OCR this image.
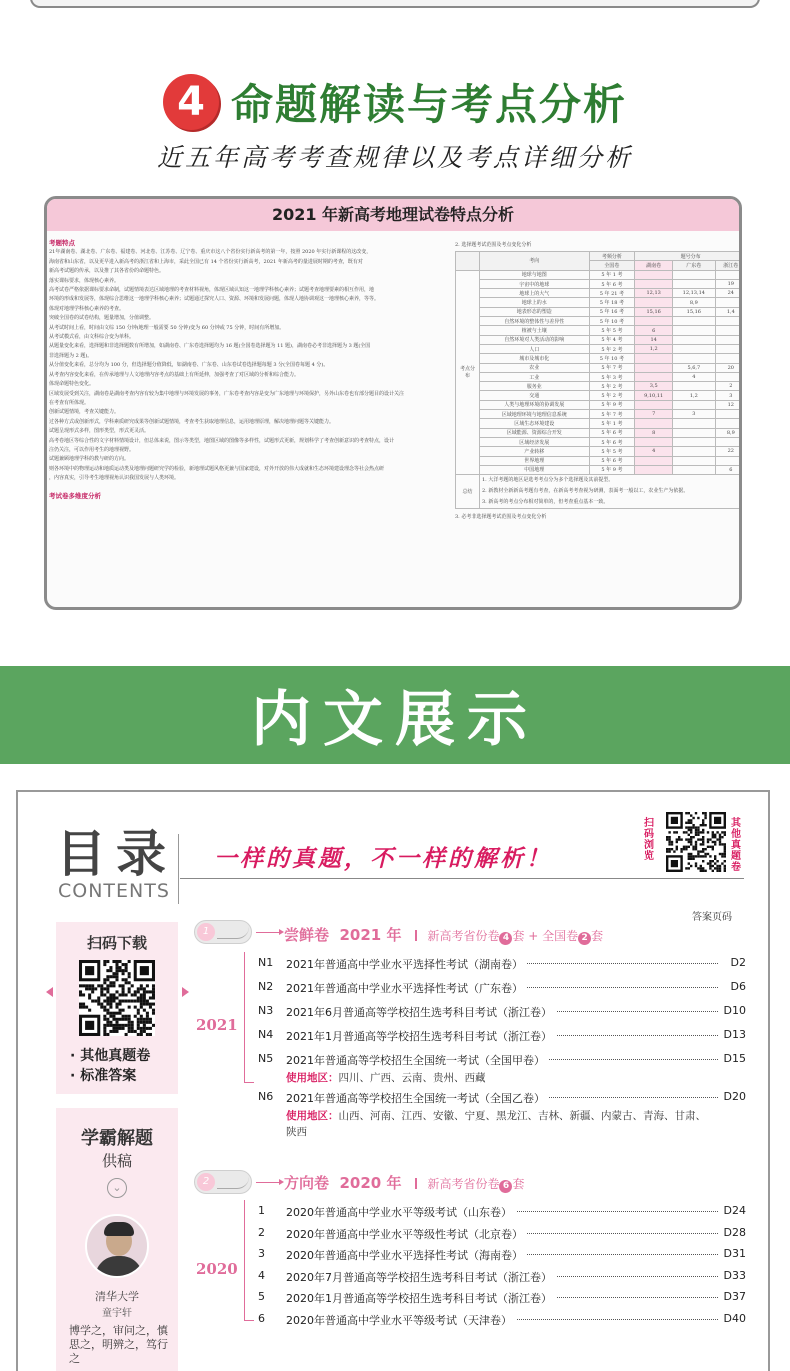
4 命题解读与考点分析
近五年高考考查规律以及考点详细分析
2021 年新高考地理试卷特点分析
考题特点
21年湖南卷、湖北卷、广东卷、福建卷、河北卷、江苏卷、辽宁卷、重庆市这八个省份实行新高考的第一年，按照 2020 年实行新课程的这改变，
海南省和山东省，以及更早进入新高考的浙江省和上海市，采此全国已有 14 个省份实行新高考，2021 年新高考的量进展时期的考查，既有对
新高考试题的传承，以及推了其各省份的命题特色。
落实课标要求，体现核心素养。
高考试卷严格依据课标要求命制，试题情境表达区域地理的考查材料视角，体现区域认知这一地理学科核心素养；试题考查地理要素的相互作用，地
环境的形成和发展等，体现综合思维这一地理学科核心素养；试题通过探究人口、资源、环境和发展问题，体现人地协调观这一地理核心素养，等等。
体现对地理学科核心素养的考查。
突破全国卷的试卷结构，题量增加，分值调整。
从考试时间上看，时间由文综 150 分钟(地理一般需要 50 分钟)变为 60 分钟或 75 分钟，时间有所增加。
从考试模式看，由文科综合变为单科。
从题量变化来看，选择题和非选择题数有所增加，如湖南卷、广东卷选择题均为 16 题(全国卷选择题为 11 题)，湖南卷必考非选择题为 3 题(全国
非选择题为 2 题)。
从分值变化来看，总分均为 100 分，但选择题分值降低，如湖南卷、广东卷、山东卷试卷选择题每题 3 分(全国卷每题 4 分)。
从考查内容变化来看，在传承地理与人文地理内容考点的基础上有所延伸，加强考查了对区域的分析和综合能力。
体现命题特色变化。
区域发展受到关注，湖南卷是湖南考查内容有较为集中地理与环境发展的事务，广东卷考查内容是变为广东地理与环境保护，另外山东卷也有部分题目的设计关注
在考查有所体现。
创新试题情境，考查关键能力。
过各种方式或创新形式，学科素质研究成果等创新试题情境，考查考生获取地理信息，运用地理原理，解决地理问题等关键能力。
试题呈现形式多样，图形类型，形式更灵活。
高考卷地区等综合性的文字材料情境设计，但总体来说，图示等类型，地图区域的图像等多样性，试题形式更新，规划科学了考查创新意识的考查特点，设计
注仍关注，可以作用考生的地理视野。
试题兼顾地理学科的教与研的方向。
则各环境中的物理运动和地质运动类及地理问题研究学的检验，新地理试题风格更兼与国家建设，对外开放的伟大成就和生态环境建设理念等社会热点研
，内容真实，引导考生地理视角认识我国发展与人类环境。
考试卷多维度分析
2. 选择题考试范围及考点变化分析
	考向	考频分析	题号分布		
		全国卷	湖南卷	广东卷	浙江卷
考点分布	地球与地图	5 年 1 考			
	宇宙中的地球	5 年 6 考			19
	地球上的大气	5 年 21 考	12,13	12,13,14	24
	地球上的水	5 年 18 考		8,9	
	地表形态的塑造	5 年 16 考	15,16	15,16	1,4
	自然环境的整体性与差异性	5 年 10 考			
	植被与土壤	5 年 5 考	6		
	自然环境对人类活动的影响	5 年 4 考	14		
	人口	5 年 2 考	1,2		
	城市及城市化	5 年 10 考			
	农业	5 年 7 考		5,6,7	20
	工业	5 年 3 考		4	
	服务业	5 年 2 考	3,5		2
	交通	5 年 2 考	9,10,11	1,2	3
	人类与地理环境的协调发展	5 年 9 考			12
	区域地理环境与地理信息系统	5 年 7 考	7	3	
	区域生态环境建设	5 年 1 考			
	区域能源、资源综合开发	5 年 6 考	8		8,9
	区域经济发展	5 年 6 考			
	产业转移	5 年 5 考	4		22
	世界地理	5 年 6 考			
	中国地理	5 年 9 考			6
总结	1. 大洋考题的地区是选考考点分为多个选择题及其前提型。
2. 新教材全新新高考题有考查，在新高考考查视为研测，表面考一般以工，农业生产为依据。
3. 新高考的考点分布相对简单的，但考查重点基本一致。				
3. 必考非选择题考试范围及考点变化分析
内文展示
目录
CONTENTS
一样的真题，不一样的解析！
扫码浏览
其他真题卷
答案页码
扫码下载
· 其他真题卷
· 标准答案
学霸解题
供稿
⌄
清华大学
童宇轩
博学之，审问之，慎思之，明辨之，笃行之
1	尝鲜卷 2021 年 新高考省份卷 4 套 + 全国卷 2 套
2021
N1	2021年普通高中学业水平选择性考试（湖南卷）	D2
N2	2021年普通高中学业水平选择性考试（广东卷）	D6
N3	2021年6月普通高等学校招生选考科目考试（浙江卷）	D10
N4	2021年1月普通高等学校招生选考科目考试（浙江卷）	D13
N5	2021年普通高等学校招生全国统一考试（全国甲卷）	D15
使用地区：四川、广西、云南、贵州、西藏
N6	2021年普通高等学校招生全国统一考试（全国乙卷）	D20
使用地区：山西、河南、江西、安徽、宁夏、黑龙江、吉林、新疆、内蒙古、青海、甘肃、陕西
2	方向卷 2020 年 新高考省份卷 6 套
2020
1	2020年普通高中学业水平等级考试（山东卷）	D24
2	2020年普通高中学业水平等级性考试（北京卷）	D28
3	2020年普通高中学业水平选择性考试（海南卷）	D31
4	2020年7月普通高等学校招生选考科目考试（浙江卷）	D33
5	2020年1月普通高等学校招生选考科目考试（浙江卷）	D37
6	2020年普通高中学业水平等级考试（天津卷）	D40
